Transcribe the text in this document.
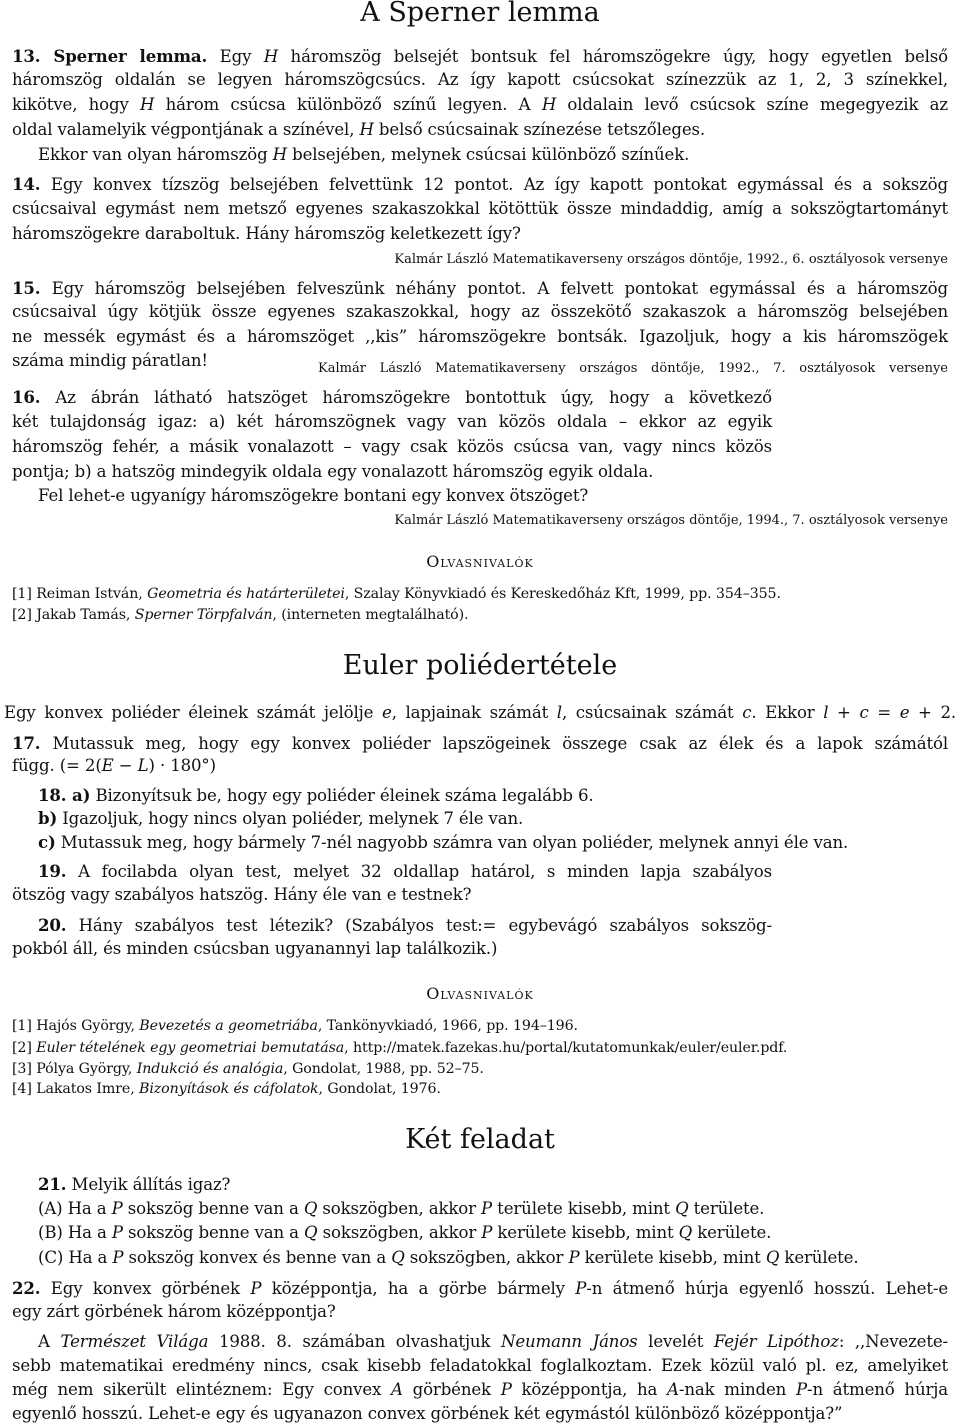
A Sperner lemma
13. Sperner lemma. Egy H háromszög belsejét bontsuk fel háromszögekre úgy, hogy egyetlen belső
háromszög oldalán se legyen háromszögcsúcs. Az így kapott csúcsokat színezzük az 1, 2, 3 színekkel,
kikötve, hogy H három csúcsa különböző színű legyen. A H oldalain levő csúcsok színe megegyezik az
oldal valamelyik végpontjának a színével, H belső csúcsainak színezése tetszőleges.
Ekkor van olyan háromszög H belsejében, melynek csúcsai különböző színűek.
14. Egy konvex tízszög belsejében felvettünk 12 pontot. Az így kapott pontokat egymással és a sokszög
csúcsaival egymást nem metsző egyenes szakaszokkal kötöttük össze mindaddig, amíg a sokszögtartományt
háromszögekre daraboltuk. Hány háromszög keletkezett így?
Kalmár László Matematikaverseny országos döntője, 1992., 6. osztályosok versenye
15. Egy háromszög belsejében felveszünk néhány pontot. A felvett pontokat egymással és a háromszög
csúcsaival úgy kötjük össze egyenes szakaszokkal, hogy az összekötő szakaszok a háromszög belsejében
ne messék egymást és a háromszöget ,,kis” háromszögekre bontsák. Igazoljuk, hogy a kis háromszögek
száma mindig páratlan!	Kalmár László Matematikaverseny országos döntője, 1992., 7. osztályosok versenye
16. Az ábrán látható hatszöget háromszögekre bontottuk úgy, hogy a következő
két tulajdonság igaz: a) két háromszögnek vagy van közös oldala – ekkor az egyik
háromszög fehér, a másik vonalazott – vagy csak közös csúcsa van, vagy nincs közös
pontja; b) a hatszög mindegyik oldala egy vonalazott háromszög egyik oldala.
Fel lehet-e ugyanígy háromszögekre bontani egy konvex ötszöget?
Kalmár László Matematikaverseny országos döntője, 1994., 7. osztályosok versenye
Olvasnivalók
[1] Reiman István, Geometria és határterületei, Szalay Könyvkiadó és Kereskedőház Kft, 1999, pp. 354–355.
[2] Jakab Tamás, Sperner Törpfalván, (interneten megtalálható).
Euler poliédertétele
Egy konvex poliéder éleinek számát jelölje e, lapjainak számát l, csúcsainak számát c. Ekkor l + c = e + 2.
17. Mutassuk meg, hogy egy konvex poliéder lapszögeinek összege csak az élek és a lapok számától
függ. (= 2(E − L) · 180°)
18. a) Bizonyítsuk be, hogy egy poliéder éleinek száma legalább 6.
b) Igazoljuk, hogy nincs olyan poliéder, melynek 7 éle van.
c) Mutassuk meg, hogy bármely 7-nél nagyobb számra van olyan poliéder, melynek annyi éle van.
19. A focilabda olyan test, melyet 32 oldallap határol, s minden lapja szabályos
ötszög vagy szabályos hatszög. Hány éle van e testnek?
20. Hány szabályos test létezik? (Szabályos test:= egybevágó szabályos sokszög-
pokból áll, és minden csúcsban ugyanannyi lap találkozik.)
Olvasnivalók
[1] Hajós György, Bevezetés a geometriába, Tankönyvkiadó, 1966, pp. 194–196.
[2] Euler tételének egy geometriai bemutatása, http://matek.fazekas.hu/portal/kutatomunkak/euler/euler.pdf.
[3] Pólya György, Indukció és analógia, Gondolat, 1988, pp. 52–75.
[4] Lakatos Imre, Bizonyítások és cáfolatok, Gondolat, 1976.
Két feladat
21. Melyik állítás igaz?
(A) Ha a P sokszög benne van a Q sokszögben, akkor P területe kisebb, mint Q területe.
(B) Ha a P sokszög benne van a Q sokszögben, akkor P kerülete kisebb, mint Q kerülete.
(C) Ha a P sokszög konvex és benne van a Q sokszögben, akkor P kerülete kisebb, mint Q kerülete.
22. Egy konvex görbének P középpontja, ha a görbe bármely P-n átmenő húrja egyenlő hosszú. Lehet-e
egy zárt görbének három középpontja?
A Természet Világa 1988. 8. számában olvashatjuk Neumann János levelét Fejér Lipóthoz: ,,Nevezete-
sebb matematikai eredmény nincs, csak kisebb feladatokkal foglalkoztam. Ezek közül való pl. ez, amelyiket
még nem sikerült elintéznem: Egy convex A görbének P középpontja, ha A-nak minden P-n átmenő húrja
egyenlő hosszú. Lehet-e egy és ugyanazon convex görbének két egymástól különböző középpontja?”
